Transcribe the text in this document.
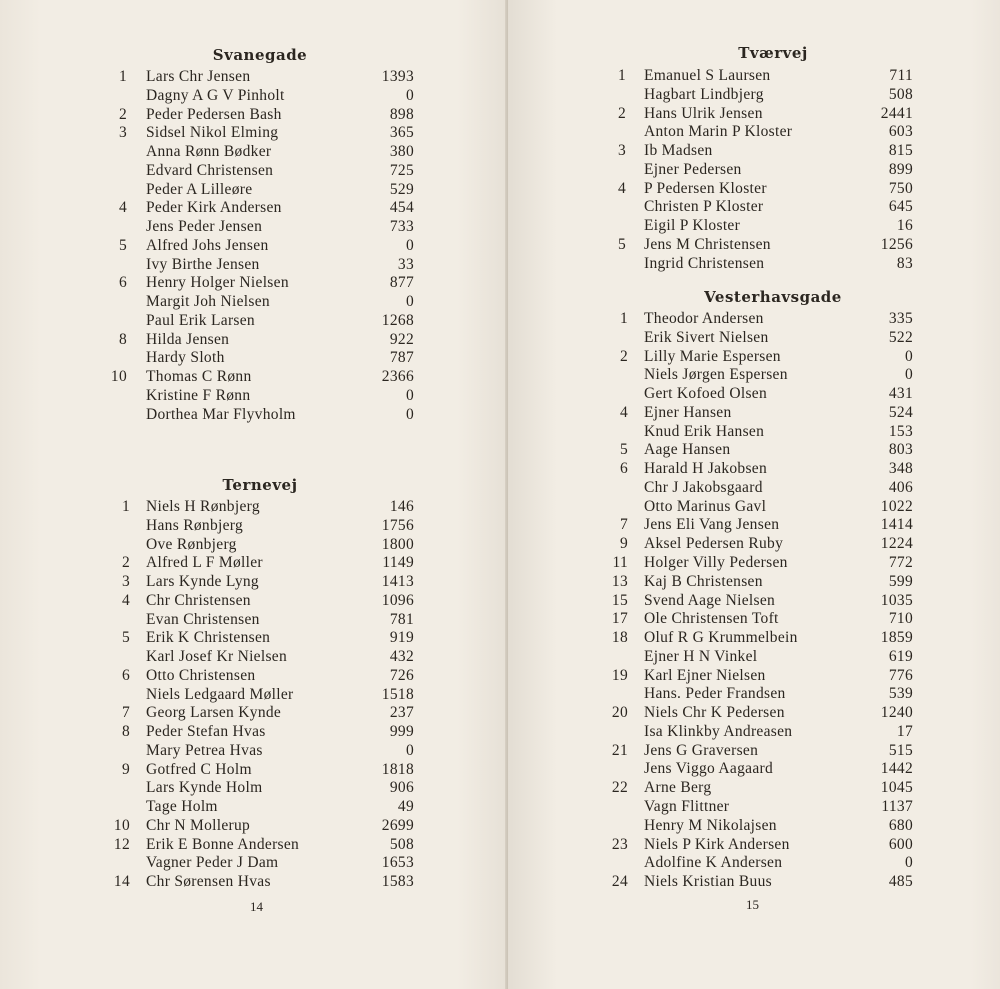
Svanegade
1 Lars Chr Jensen	1393
Dagny A G V Pinholt	0
2 Peder Pedersen Bash	898
3 Sidsel Nikol Elming	365
Anna Rønn Bødker	380
Edvard Christensen	725
Peder A Lilleøre	529
4 Peder Kirk Andersen	454
Jens Peder Jensen	733
5 Alfred Johs Jensen	0
Ivy Birthe Jensen	33
6 Henry Holger Nielsen	877
Margit Joh Nielsen	0
Paul Erik Larsen	1268
8 Hilda Jensen	922
Hardy Sloth	787
10 Thomas C Rønn	2366
Kristine F Rønn	0
Dorthea Mar Flyvholm	0
Ternevej
1 Niels H Rønbjerg	146
Hans Rønbjerg	1756
Ove Rønbjerg	1800
2 Alfred L F Møller	1149
3 Lars Kynde Lyng	1413
4 Chr Christensen	1096
Evan Christensen	781
5 Erik K Christensen	919
Karl Josef Kr Nielsen	432
6 Otto Christensen	726
Niels Ledgaard Møller	1518
7 Georg Larsen Kynde	237
8 Peder Stefan Hvas	999
Mary Petrea Hvas	0
9 Gotfred C Holm	1818
Lars Kynde Holm	906
Tage Holm	49
10 Chr N Mollerup	2699
12 Erik E Bonne Andersen	508
Vagner Peder J Dam	1653
14 Chr Sørensen Hvas	1583
14
Tværvej
1 Emanuel S Laursen	711
Hagbart Lindbjerg	508
2 Hans Ulrik Jensen	2441
Anton Marin P Kloster	603
3 Ib Madsen	815
Ejner Pedersen	899
4 P Pedersen Kloster	750
Christen P Kloster	645
Eigil P Kloster	16
5 Jens M Christensen	1256
Ingrid Christensen	83
Vesterhavsgade
1 Theodor Andersen	335
Erik Sivert Nielsen	522
2 Lilly Marie Espersen	0
Niels Jørgen Espersen	0
Gert Kofoed Olsen	431
4 Ejner Hansen	524
Knud Erik Hansen	153
5 Aage Hansen	803
6 Harald H Jakobsen	348
Chr J Jakobsgaard	406
Otto Marinus Gavl	1022
7 Jens Eli Vang Jensen	1414
9 Aksel Pedersen Ruby	1224
11 Holger Villy Pedersen	772
13 Kaj B Christensen	599
15 Svend Aage Nielsen	1035
17 Ole Christensen Toft	710
18 Oluf R G Krummelbein	1859
Ejner H N Vinkel	619
19 Karl Ejner Nielsen	776
Hans. Peder Frandsen	539
20 Niels Chr K Pedersen	1240
Isa Klinkby Andreasen	17
21 Jens G Graversen	515
Jens Viggo Aagaard	1442
22 Arne Berg	1045
Vagn Flittner	1137
Henry M Nikolajsen	680
23 Niels P Kirk Andersen	600
Adolfine K Andersen	0
24 Niels Kristian Buus	485
15
